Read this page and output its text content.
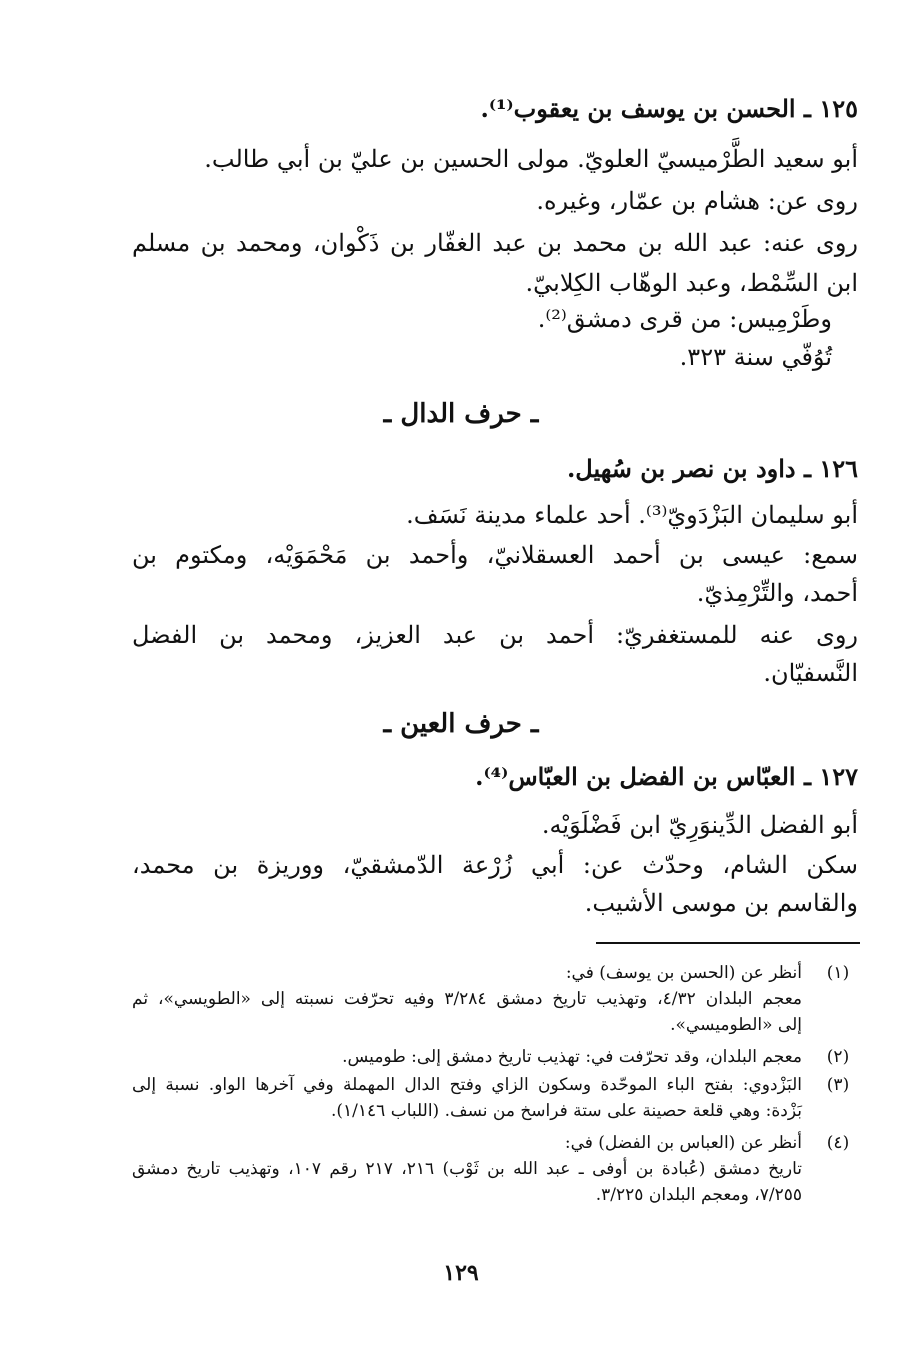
١٢٥ ـ الحسن بن يوسف بن يعقوب⁽¹⁾.
أبو سعيد الطَّرْميسيّ العلويّ. مولى الحسين بن عليّ بن أبي طالب.
روى عن: هشام بن عمّار، وغيره.
روى عنه: عبد الله بن محمد بن عبد الغفّار بن ذَكْوان، ومحمد بن مسلم
ابن السِّمْط، وعبد الوهّاب الكِلابيّ.
وطَرْمِيس: من قرى دمشق⁽²⁾.
تُوُفّي سنة ٣٢٣.
ـ حرف الدال ـ
١٢٦ ـ داود بن نصر بن سُهيل.
أبو سليمان البَزْدَويّ⁽³⁾. أحد علماء مدينة نَسَف.
سمع: عيسى بن أحمد العسقلانيّ، وأحمد بن مَحْمَوَيْه، ومكتوم بن
أحمد، والتِّرْمِذيّ.
روى عنه للمستغفريّ: أحمد بن عبد العزيز، ومحمد بن الفضل
النَّسفيّان.
ـ حرف العين ـ
١٢٧ ـ العبّاس بن الفضل بن العبّاس⁽⁴⁾.
أبو الفضل الدِّينوَرِيّ ابن فَضْلَوَيْه.
سكن الشام، وحدّث عن: أبي زُرْعة الدّمشقيّ، ووريزة بن محمد،
والقاسم بن موسى الأشيب.
(١)
أنظر عن (الحسن بن يوسف) في:
معجم البلدان ٤/٣٢، وتهذيب تاريخ دمشق ٣/٢٨٤ وفيه تحرّفت نسبته إلى «الطويسي»، ثم
إلى «الطوميسي».
(٢)
معجم البلدان، وقد تحرّفت في: تهذيب تاريخ دمشق إلى: طوميس.
(٣)
البَزْدوي: بفتح الباء الموحّدة وسكون الزاي وفتح الدال المهملة وفي آخرها الواو. نسبة إلى
بَزْدة: وهي قلعة حصينة على ستة فراسخ من نسف. (اللباب ١/١٤٦).
(٤)
أنظر عن (العباس بن الفضل) في:
تاريخ دمشق (عُبادة بن أوفى ـ عبد الله بن ثَوْب) ٢١٦، ٢١٧ رقم ١٠٧، وتهذيب تاريخ دمشق
٧/٢٥٥، ومعجم البلدان ٣/٢٢٥.
١٢٩
